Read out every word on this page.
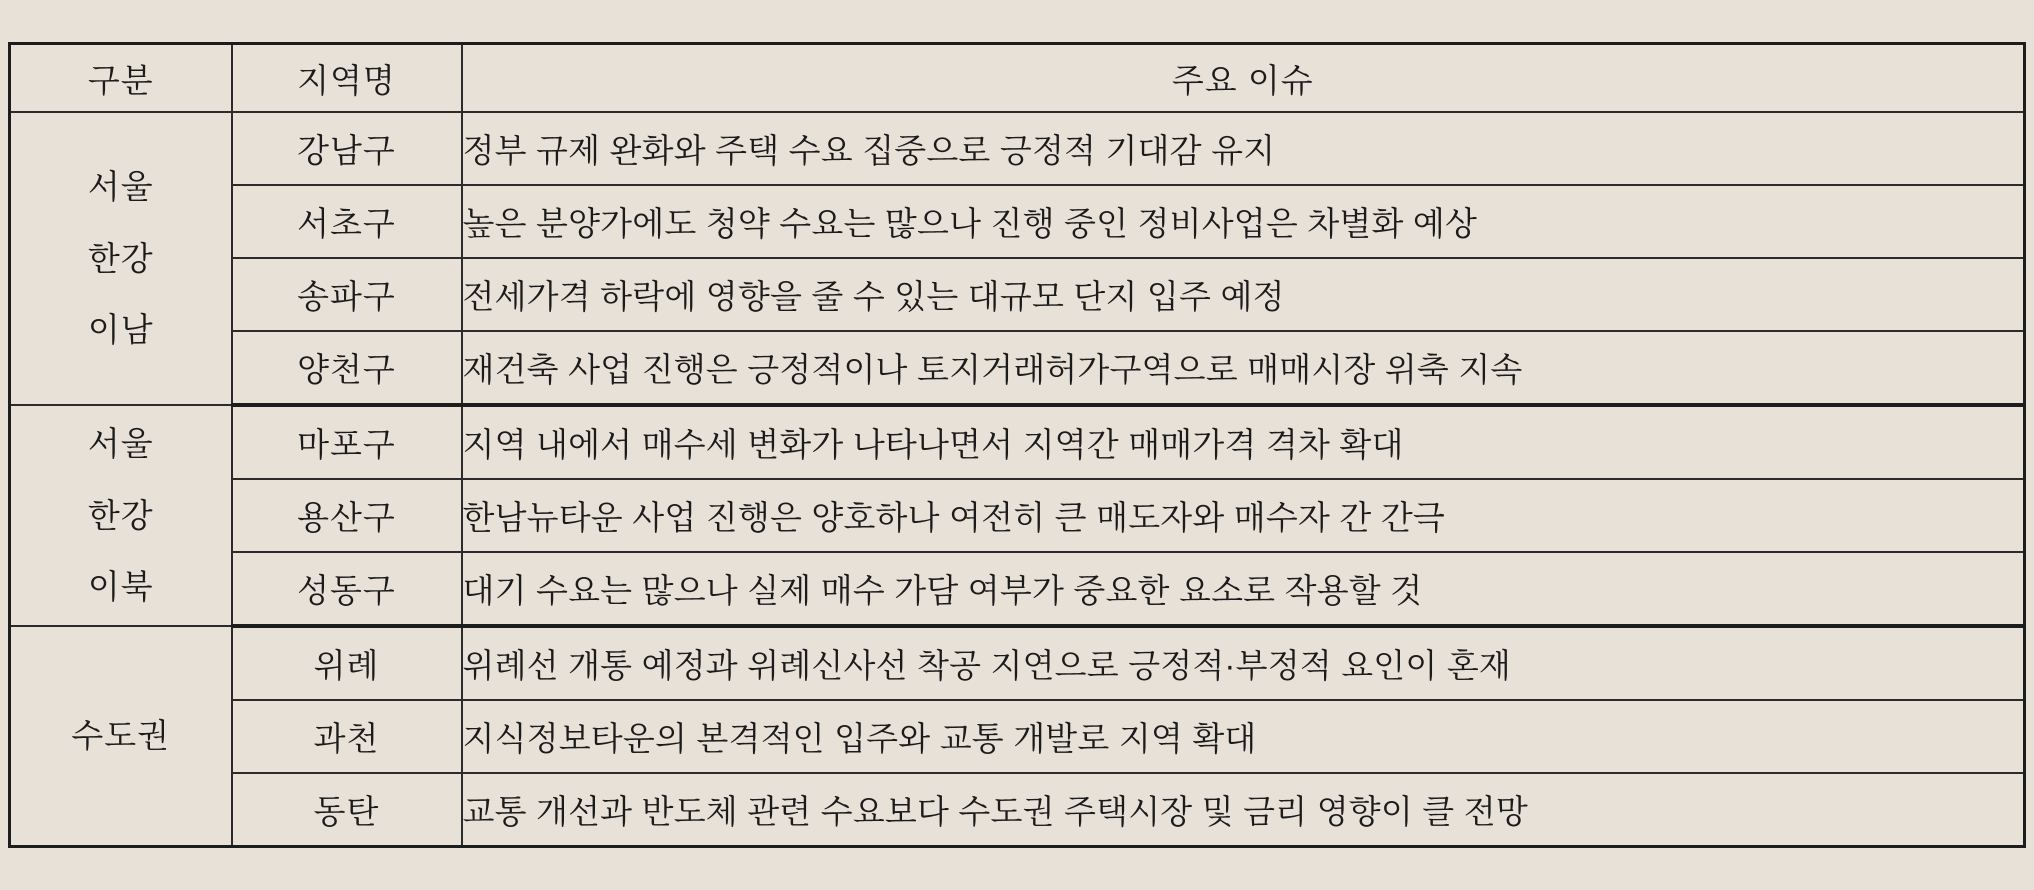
구분	지역명	주요 이슈

서울
한강
이남	강남구	정부 규제 완화와 주택 수요 집중으로 긍정적 기대감 유지
	서초구	높은 분양가에도 청약 수요는 많으나 진행 중인 정비사업은 차별화 예상
	송파구	전세가격 하락에 영향을 줄 수 있는 대규모 단지 입주 예정
	양천구	재건축 사업 진행은 긍정적이나 토지거래허가구역으로 매매시장 위축 지속

서울
한강
이북	마포구	지역 내에서 매수세 변화가 나타나면서 지역간 매매가격 격차 확대
	용산구	한남뉴타운 사업 진행은 양호하나 여전히 큰 매도자와 매수자 간 간극
	성동구	대기 수요는 많으나 실제 매수 가담 여부가 중요한 요소로 작용할 것

수도권	위례	위례선 개통 예정과 위례신사선 착공 지연으로 긍정적·부정적 요인이 혼재
	과천	지식정보타운의 본격적인 입주와 교통 개발로 지역 확대
	동탄	교통 개선과 반도체 관련 수요보다 수도권 주택시장 및 금리 영향이 클 전망
